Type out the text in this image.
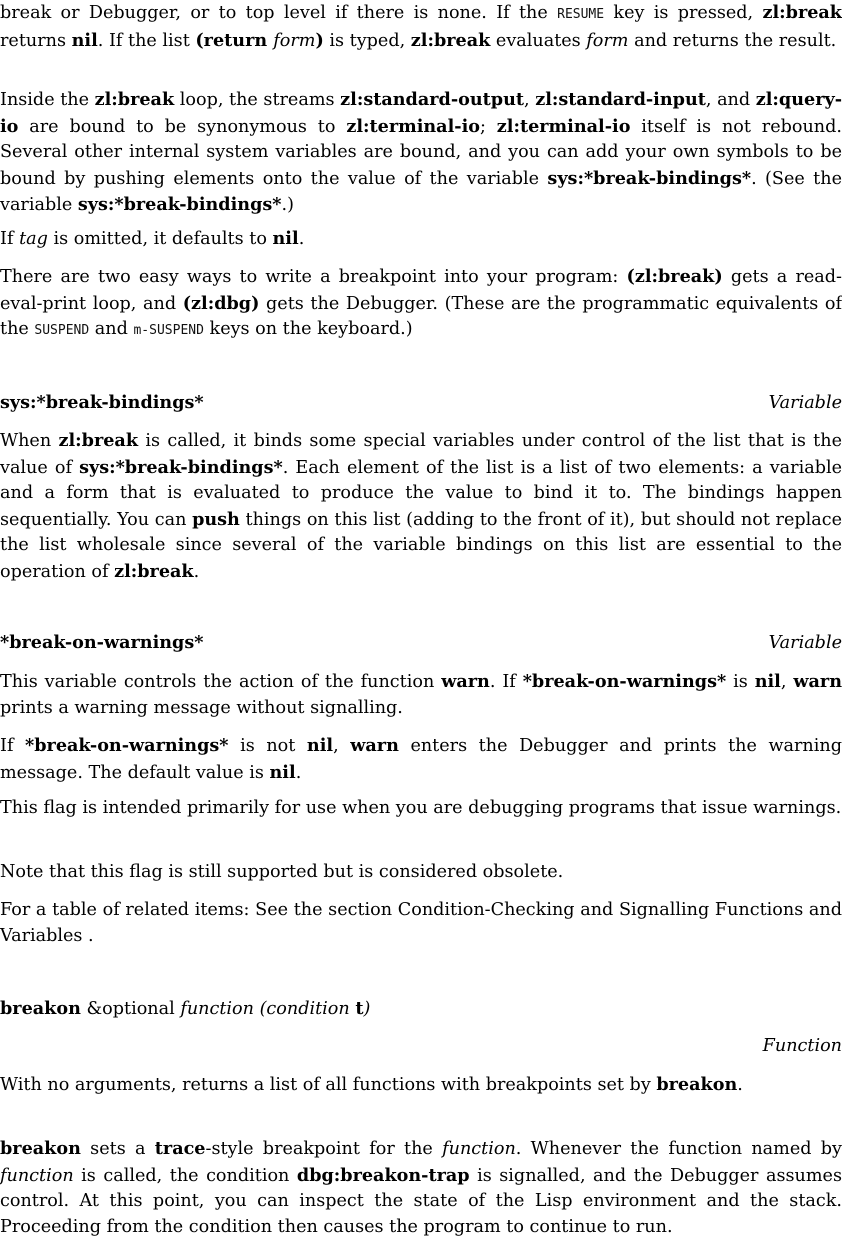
break or Debugger, or to top level if there is none. If the RESUME key is pressed, zl:break returns nil. If the list (return form) is typed, zl:break evaluates form and returns the result.

Inside the zl:break loop, the streams zl:standard-output, zl:standard-input, and zl:query-io are bound to be synonymous to zl:terminal-io; zl:terminal-io itself is not rebound. Several other internal system variables are bound, and you can add your own symbols to be bound by pushing elements onto the value of the variable sys:*break-bindings*. (See the variable sys:*break-bindings*.)

If tag is omitted, it defaults to nil.

There are two easy ways to write a breakpoint into your program: (zl:break) gets a read-eval-print loop, and (zl:dbg) gets the Debugger. (These are the programmatic equivalents of the SUSPEND and m-SUSPEND keys on the keyboard.)

sys:*break-bindings*	Variable

When zl:break is called, it binds some special variables under control of the list that is the value of sys:*break-bindings*. Each element of the list is a list of two elements: a variable and a form that is evaluated to produce the value to bind it to. The bindings happen sequentially. You can push things on this list (adding to the front of it), but should not replace the list wholesale since several of the variable bindings on this list are essential to the operation of zl:break.

*break-on-warnings*	Variable

This variable controls the action of the function warn. If *break-on-warnings* is nil, warn prints a warning message without signalling.

If *break-on-warnings* is not nil, warn enters the Debugger and prints the warning message. The default value is nil.

This flag is intended primarily for use when you are debugging programs that issue warnings.

Note that this flag is still supported but is considered obsolete.

For a table of related items: See the section Condition-Checking and Signalling Functions and Variables .

breakon &optional function (condition t)
Function

With no arguments, returns a list of all functions with breakpoints set by breakon.

breakon sets a trace-style breakpoint for the function. Whenever the function named by function is called, the condition dbg:breakon-trap is signalled, and the Debugger assumes control. At this point, you can inspect the state of the Lisp environment and the stack. Proceeding from the condition then causes the program to continue to run.
